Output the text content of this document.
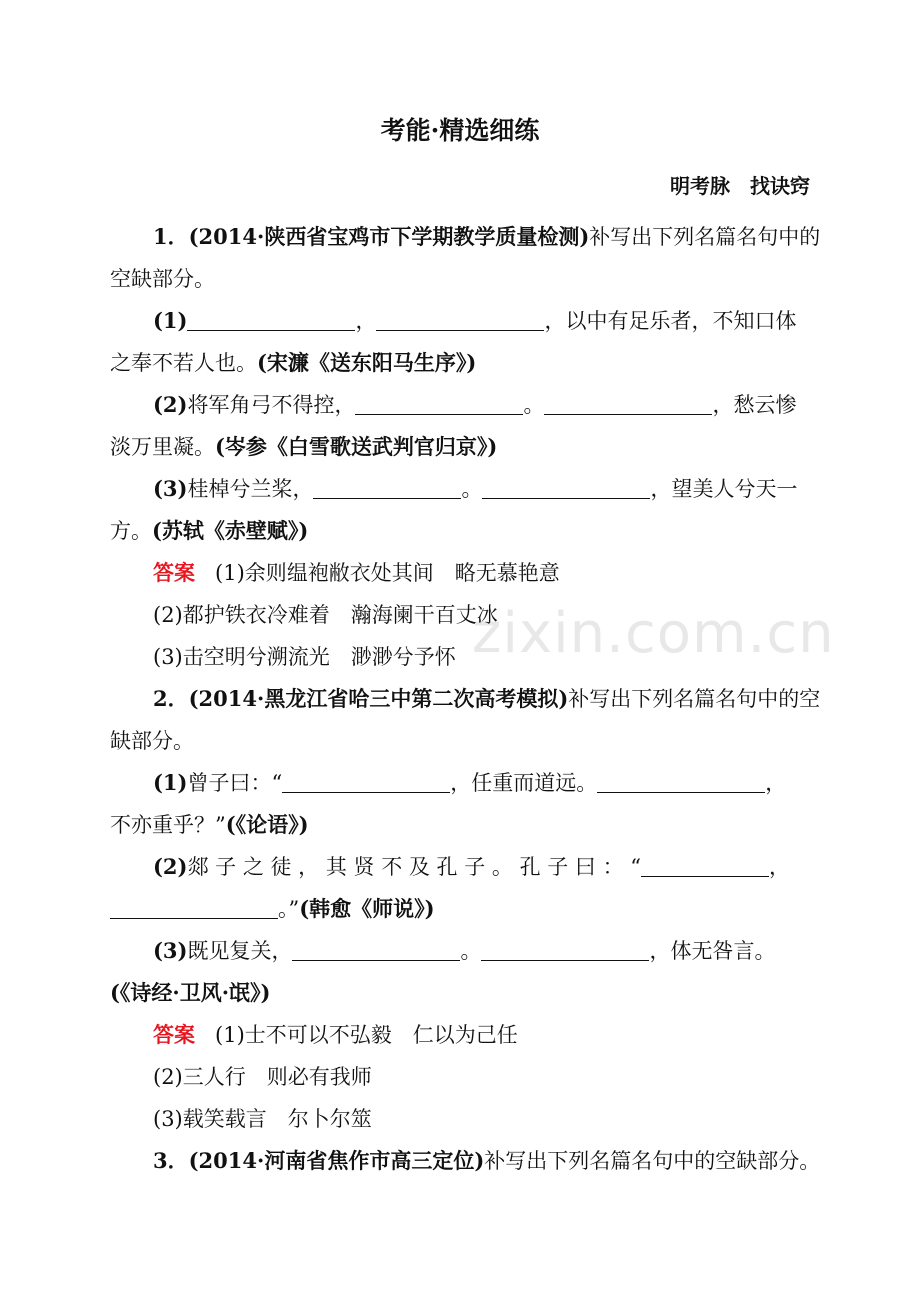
考能·精选细练
明考脉　找诀窍
1．(2014·陕西省宝鸡市下学期教学质量检测)补写出下列名篇名句中的
空缺部分。
(1)	，	，以中有足乐者，不知口体
之奉不若人也。(宋濂《送东阳马生序》)
(2)将军角弓不得控，	。	，愁云惨
淡万里凝。(岑参《白雪歌送武判官归京》)
(3)桂棹兮兰桨，	。	，望美人兮天一
方。(苏轼《赤壁赋》)
答案 (1)余则缊袍敝衣处其间　略无慕艳意
(2)都护铁衣冷难着　瀚海阑干百丈冰
(3)击空明兮溯流光　渺渺兮予怀
2．(2014·黑龙江省哈三中第二次高考模拟)补写出下列名篇名句中的空
缺部分。
(1)曾子曰：“	，任重而道远。	，
不亦重乎？”(《论语》)
(2)郯 子 之 徒 ， 其 贤 不 及 孔 子 。 孔 子 曰 ： “	，
。”(韩愈《师说》)
(3)既见复关，	。	，体无咎言。
(《诗经·卫风·氓》)
答案 (1)士不可以不弘毅　仁以为己任
(2)三人行　则必有我师
(3)载笑载言　尔卜尔筮
3．(2014·河南省焦作市高三定位)补写出下列名篇名句中的空缺部分。
zixin.com.cn
